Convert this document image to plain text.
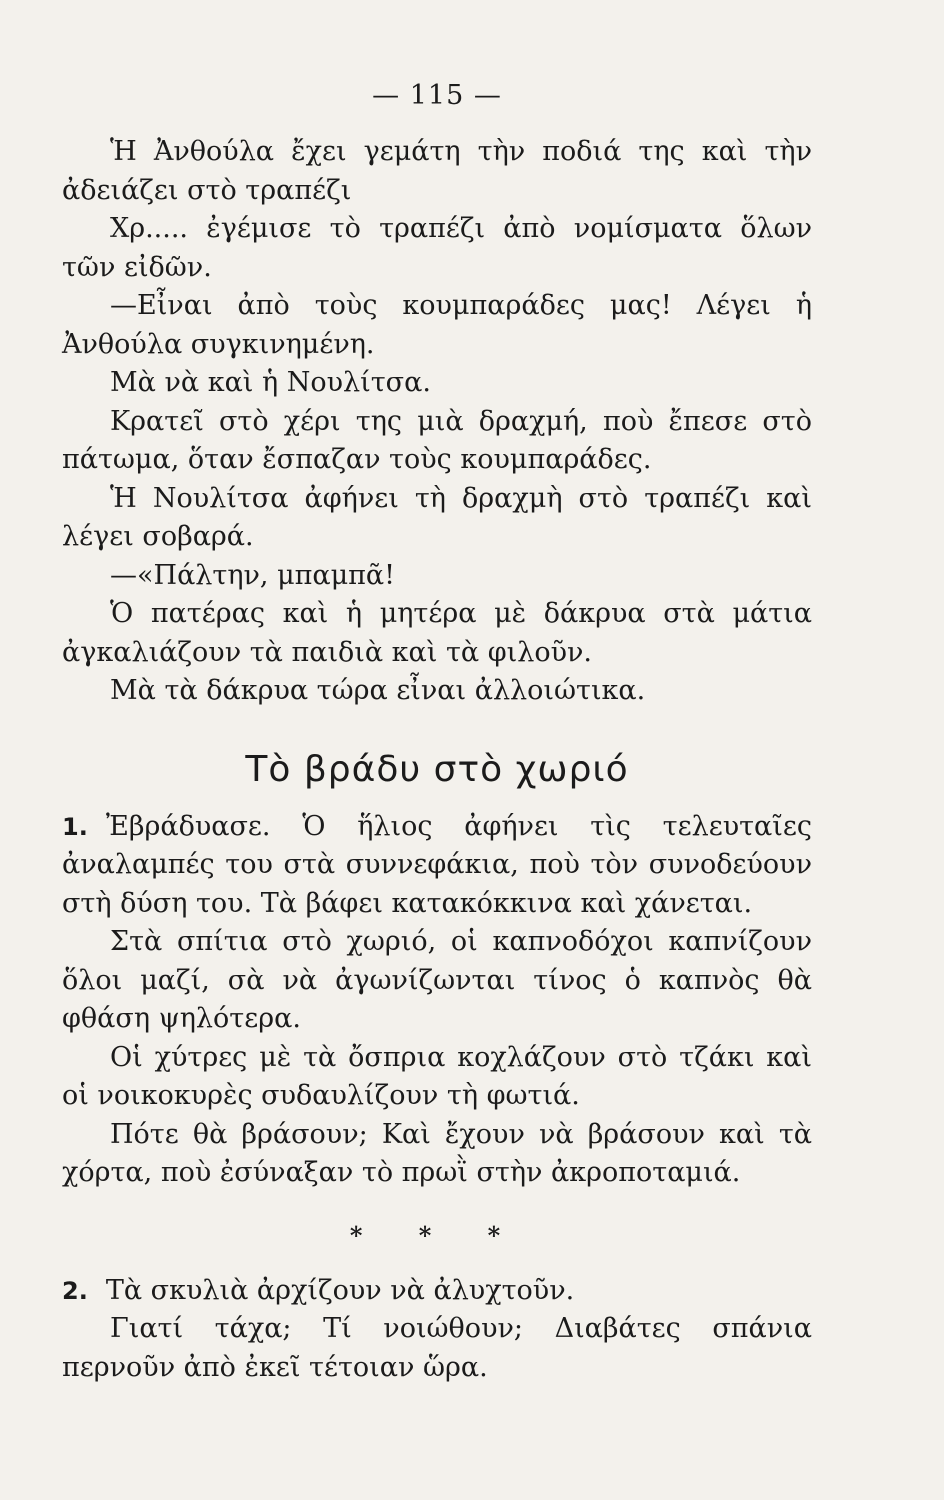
— 115 —

Ἡ Ἀνθούλα ἔχει γεμάτη τὴν ποδιά της καὶ τὴν ἀδειάζει στὸ τραπέζι

Χρ..... ἐγέμισε τὸ τραπέζι ἀπὸ νομίσματα ὅλων τῶν εἰδῶν.

—Εἶναι ἀπὸ τοὺς κουμπαράδες μας! Λέγει ἡ Ἀνθούλα συγκινημένη.

Μὰ νὰ καὶ ἡ Νουλίτσα.

Κρατεῖ στὸ χέρι της μιὰ δραχμή, ποὺ ἔπεσε στὸ πάτωμα, ὅταν ἔσπαζαν τοὺς κουμπαράδες.

Ἡ Νουλίτσα ἀφήνει τὴ δραχμὴ στὸ τραπέζι καὶ λέγει σοβαρά.

—«Πάλτην, μπαμπᾶ!

Ὁ πατέρας καὶ ἡ μητέρα μὲ δάκρυα στὰ μάτια ἀγκαλιάζουν τὰ παιδιὰ καὶ τὰ φιλοῦν.

Μὰ τὰ δάκρυα τώρα εἶναι ἀλλοιώτικα.

Τὸ βράδυ στὸ χωριό

1. Ἐβράδυασε. Ὁ ἥλιος ἀφήνει τὶς τελευταῖες ἀναλαμπές του στὰ συννεφάκια, ποὺ τὸν συνοδεύουν στὴ δύση του. Τὰ βάφει κατακόκκινα καὶ χάνεται.

Στὰ σπίτια στὸ χωριό, οἱ καπνοδόχοι καπνίζουν ὅλοι μαζί, σὰ νὰ ἀγωνίζωνται τίνος ὁ καπνὸς θὰ φθάση ψηλότερα.

Οἱ χύτρες μὲ τὰ ὄσπρια κοχλάζουν στὸ τζάκι καὶ οἱ νοικοκυρὲς συδαυλίζουν τὴ φωτιά.

Πότε θὰ βράσουν; Καὶ ἔχουν νὰ βράσουν καὶ τὰ χόρτα, ποὺ ἐσύναξαν τὸ πρωῒ στὴν ἀκροποταμιά.

* * *

2. Τὰ σκυλιὰ ἀρχίζουν νὰ ἀλυχτοῦν.

Γιατί τάχα; Τί νοιώθουν; Διαβάτες σπάνια περνοῦν ἀπὸ ἐκεῖ τέτοιαν ὥρα.
